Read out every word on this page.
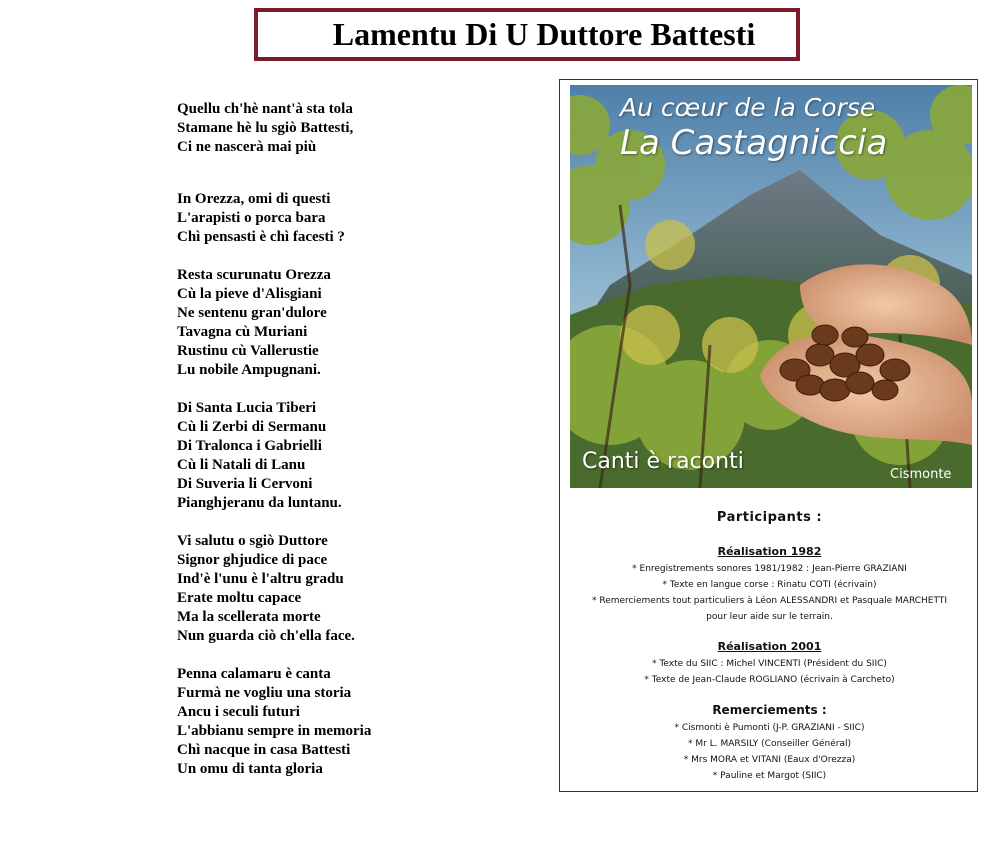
Lamentu Di U Duttore Battesti
Quellu ch'hè nant'à sta tola
Stamane hè lu sgiò Battesti,
Ci ne nascerà mai più
In Orezza, omi di questi
L'arapisti o porca bara
Chì pensasti è chì facesti ?
Resta scurunatu Orezza
Cù la pieve d'Alisgiani
Ne sentenu gran'dulore
Tavagna cù Muriani
Rustinu cù Vallerustie
Lu nobile Ampugnani.
Di Santa Lucia Tiberi
Cù li Zerbi di Sermanu
Di Tralonca i Gabrielli
Cù li Natali di Lanu
Di Suveria li Cervoni
Pianghjeranu da luntanu.
Vi salutu o sgiò Duttore
Signor ghjudice di pace
Ind'è l'unu è l'altru gradu
Erate moltu capace
Ma la scellerata morte
Nun guarda ciò ch'ella face.
Penna calamaru è canta
Furmà ne vogliu una storia
Ancu i seculi futuri
L'abbianu sempre in memoria
Chì nacque in casa Battesti
Un omu di tanta gloria
Au cœur de la Corse
La Castagniccia
Canti è raconti
Cismonte

Participants :

Réalisation 1982

* Enregistrements sonores 1981/1982 : Jean-Pierre GRAZIANI

* Texte en langue corse : Rinatu COTI (écrivain)

* Remerciements tout particuliers à Léon ALESSANDRI et Pasquale MARCHETTI

pour leur aide sur le terrain.

Réalisation 2001

* Texte du SIIC : Michel VINCENTI (Président du SIIC)

* Texte de Jean-Claude ROGLIANO (écrivain à Carcheto)

Remerciements :

* Cismonti è Pumonti (J-P. GRAZIANI - SIIC)

* Mr L. MARSILY (Conseiller Général)

* Mrs MORA et VITANI (Eaux d'Orezza)

* Pauline et Margot (SIIC)
